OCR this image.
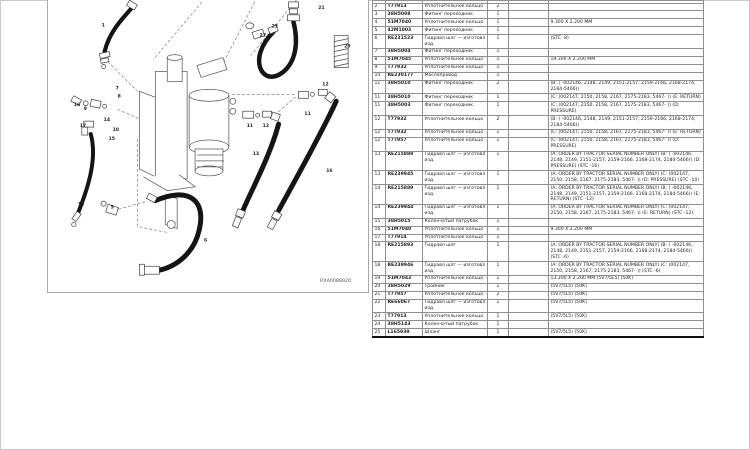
1
7
8
16
9
14
17
10
15
18
5
6
21
23
22
25
12
11
11 12
13
16
RXA0088920

2	T77913	Уплотнительное кольцо	2		
3	38H5008	Фитинг переходник	1		
4	51M7040	Уплотнительное кольцо	1		9.300 X 2.200 MM
5	42M1003	Фитинг переходник	1		
6	RE231523	Гидравл шлг — изготовл изд.	1		(STC -8)
7	38H5004	Фитинг переходник	1		
8	51M7045	Уплотнительное кольцо	1		19.300 X 2.200 MM
9	T77932	Уплотнительное кольцо	1		
10	RE230177	Маслопровод	1		
11	38H5010	Фитинг переходник	2		(B: ( -002146, 2148, 2149, 2151-2157, 2159-2166, 2168-2174, 2184-5466))
11	38H5010	Фитинг переходник	1		(C: (002147, 2150, 2158, 2167, 2175-2183, 5467- )) (E: RETURN)
11	38H5003	Фитинг переходник	1		(C: (002147, 2150, 2158, 2167, 2175-2183, 5467- )) (D: PRESSURE)
12	T77932	Уплотнительное кольцо	2		(B: ( -002146, 2148, 2149, 2151-2157, 2159-2166, 2168-2174, 2184-5466))
12	T77932	Уплотнительное кольцо	1		(C: (002147, 2150, 2158, 2167, 2175-2183, 5467- )) (E: RETURN)
12	T77957	Уплотнительное кольцо	1		(C: (002147, 2150, 2158, 2167, 2175-2183, 5467- )) (D: PRESSURE)
13	RE215888	Гидравл шлг — изготовл изд.	1		(A: ORDER BY TRACTOR SERIAL NUMBER ONLY) (B: ( -002146, 2148, 2149, 2151-2157, 2159-2166, 2168-2174, 2184-5466)) (D: PRESSURE) (STC -16)
13	RE239945	Гидравл шлг — изготовл изд.	1		(A: ORDER BY TRACTOR SERIAL NUMBER ONLY) (C: (002147, 2150, 2158, 2167, 2175-2183, 5467- )) (D: PRESSURE) (STC -10)
14	RE215889	Гидравл шлг — изготовл изд.	1		(A: ORDER BY TRACTOR SERIAL NUMBER ONLY) (B: ( -002146, 2148, 2149, 2151-2157, 2159-2166, 2168-2174, 2184-5466)) (E: RETURN) (STC -12)
14	RE239944	Гидравл шлг — изготовл изд.	1		(A: ORDER BY TRACTOR SERIAL NUMBER ONLY) (C: (002147, 2150, 2158, 2167, 2175-2183, 5467- )) (E: RETURN) (STC -12)
15	38H5015	Коленчатый патрубок	1		
16	51M7040	Уплотнительное кольцо	1		9.300 X 2.200 MM
17	T77914	Уплотнительное кольцо	1		
18	RE215893	Гидравл шлг	1		(A: ORDER BY TRACTOR SERIAL NUMBER ONLY) (B: ( -002146, 2148, 2149, 2151-2157, 2159-2166, 2168-2174, 2184-5466)) (STC -6)
18	RE239946	Гидравл шлг — изготовл изд.	1		(A: ORDER BY TRACTOR SERIAL NUMBER ONLY) (C: (002147, 2150, 2158, 2167, 2175-2183, 5467- )) (STC -6)
19	51M7043	Уплотнительное кольцо	1		13.300 X 2.200 MM (5V7/5L5) (50K)
20	38H5029	Тройник	1		(5V7/5L5) (50K)
21	T77957	Уплотнительное кольцо	2		(5V7/5L5) (50K)
22	RE66067	Гидравл шлг — изготовл изд.	1		(5V7/5L5) (50K)
23	T77913	Уплотнительное кольцо	1		(5V7/5L5) (50K)
24	38H5143	Коленчатый патрубок	1		
25	L165939	Шланг	1		(5V7/5L5) (50K)
